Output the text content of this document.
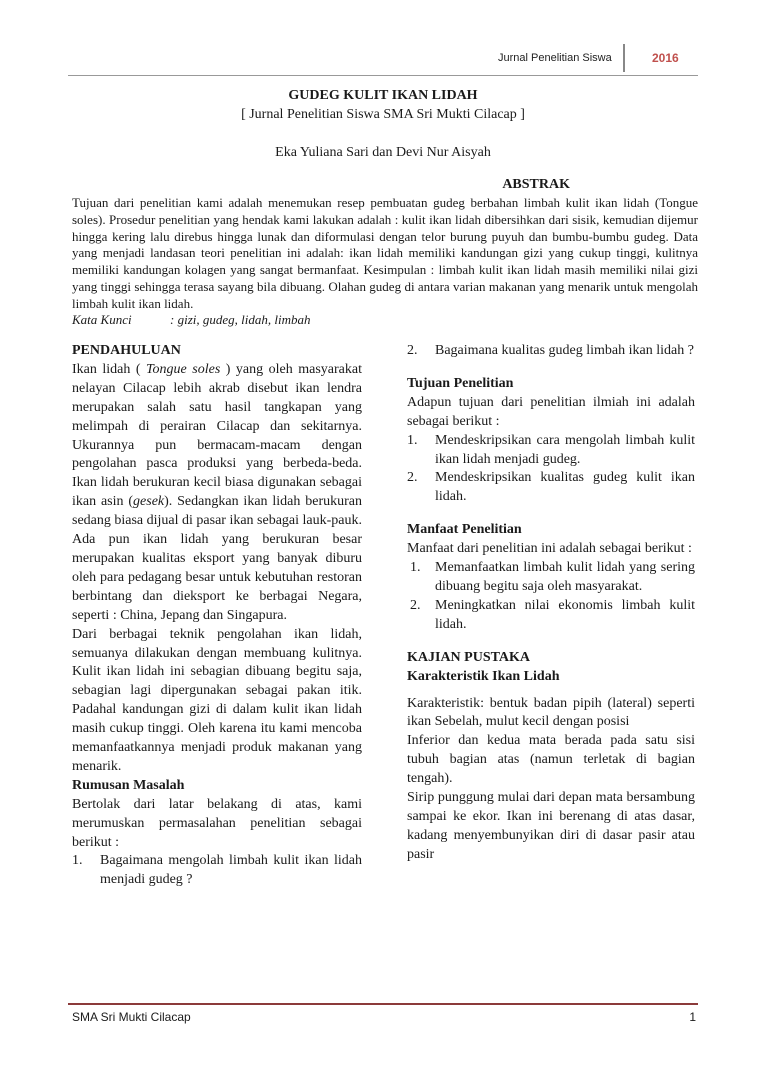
Jurnal Penelitian Siswa	2016
GUDEG KULIT IKAN LIDAH
[ Jurnal Penelitian Siswa SMA Sri Mukti Cilacap ]
Eka Yuliana Sari dan Devi Nur Aisyah
ABSTRAK

Tujuan dari penelitian kami adalah menemukan resep pembuatan gudeg berbahan limbah kulit ikan lidah (Tongue soles). Prosedur penelitian yang hendak kami lakukan adalah : kulit ikan lidah dibersihkan dari sisik, kemudian dijemur hingga kering lalu direbus hingga lunak dan diformulasi dengan telor burung puyuh dan bumbu-bumbu gudeg. Data yang menjadi landasan teori penelitian ini adalah: ikan lidah memiliki kandungan gizi yang cukup tinggi, kulitnya memiliki kandungan kolagen yang sangat bermanfaat. Kesimpulan : limbah kulit ikan lidah masih memiliki nilai gizi yang tinggi sehingga terasa sayang bila dibuang. Olahan gudeg di antara varian makanan yang menarik untuk mengolah limbah kulit ikan lidah.

Kata Kunci	: gizi, gudeg, lidah, limbah

PENDAHULUAN

Ikan lidah ( Tongue soles ) yang oleh masyarakat nelayan Cilacap lebih akrab disebut ikan lendra merupakan salah satu hasil tangkapan yang melimpah di perairan Cilacap dan sekitarnya. Ukurannya pun bermacam-macam dengan pengolahan pasca produksi yang berbeda-beda. Ikan lidah berukuran kecil biasa digunakan sebagai ikan asin (gesek). Sedangkan ikan lidah berukuran sedang biasa dijual di pasar ikan sebagai lauk-pauk. Ada pun ikan lidah yang berukuran besar merupakan kualitas eksport yang banyak diburu oleh para pedagang besar untuk kebutuhan restoran berbintang dan dieksport ke berbagai Negara, seperti : China, Jepang dan Singapura.

Dari berbagai teknik pengolahan ikan lidah, semuanya dilakukan dengan membuang kulitnya. Kulit ikan lidah ini sebagian dibuang begitu saja, sebagian lagi dipergunakan sebagai pakan itik. Padahal kandungan gizi di dalam kulit ikan lidah masih cukup tinggi. Oleh karena itu kami mencoba memanfaatkannya menjadi produk makanan yang menarik.

Rumusan Masalah

Bertolak dari latar belakang di atas, kami merumuskan permasalahan penelitian sebagai berikut :

1. Bagaimana mengolah limbah kulit ikan lidah menjadi gudeg ?
2. Bagaimana kualitas gudeg limbah ikan lidah ?

Tujuan Penelitian

Adapun tujuan dari penelitian ilmiah ini adalah sebagai berikut :

1. Mendeskripsikan cara mengolah limbah kulit ikan lidah menjadi gudeg.
2. Mendeskripsikan kualitas gudeg kulit ikan lidah.

Manfaat Penelitian

Manfaat dari penelitian ini adalah sebagai berikut :

1. Memanfaatkan limbah kulit lidah yang sering dibuang begitu saja oleh masyarakat.
2. Meningkatkan nilai ekonomis limbah kulit lidah.

KAJIAN PUSTAKA

Karakteristik Ikan Lidah

Karakteristik: bentuk badan pipih (lateral) seperti ikan Sebelah, mulut kecil dengan posisi

Inferior dan kedua mata berada pada satu sisi tubuh bagian atas (namun terletak di bagian tengah).

Sirip punggung mulai dari depan mata bersambung sampai ke ekor. Ikan ini berenang di atas dasar, kadang menyembunyikan diri di dasar pasir atau pasir

SMA Sri Mukti Cilacap	1
